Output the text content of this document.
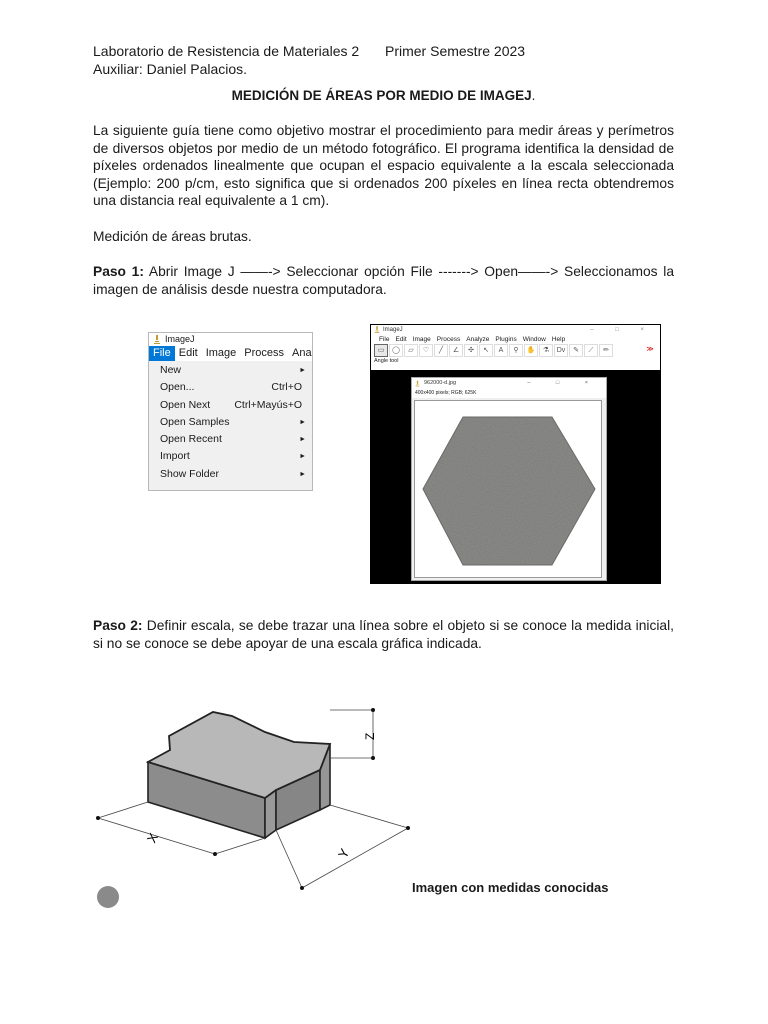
Laboratorio de Resistencia de Materiales 2 Primer Semestre 2023
Auxiliar: Daniel Palacios.
MEDICIÓN DE ÁREAS POR MEDIO DE IMAGEJ.
La siguiente guía tiene como objetivo mostrar el procedimiento para medir áreas y perímetros de diversos objetos por medio de un método fotográfico. El programa identifica la densidad de píxeles ordenados linealmente que ocupan el espacio equivalente a la escala seleccionada (Ejemplo: 200 p/cm, esto significa que si ordenados 200 píxeles en línea recta obtendremos una distancia real equivalente a 1 cm).
Medición de áreas brutas.
Paso 1: Abrir Image J ——-> Seleccionar opción File -------> Open——-> Seleccionamos la imagen de análisis desde nuestra computadora.
ImageJ
File Edit Image Process Ana
New	►
Open...	Ctrl+O
Open Next Ctrl+Mayús+O
Open Samples	►
Open Recent	►
Import	►
Show Folder	►
ImageJ	– □ ×
File Edit Image Process Analyze Plugins Window Help
▭	◯	▱	♡	╱	∠	✣	↖	A	⚲	✋	⚗	Dv	✎	⟋	✏	≫
Angle tool
962000-d.jpg	– □ ×
400x400 pixels; RGB; 625K
Paso 2: Definir escala, se debe trazar una línea sobre el objeto si se conoce la medida inicial, si no se conoce se debe apoyar de una escala gráfica indicada.
X
Y
Z
Imagen con medidas conocidas
